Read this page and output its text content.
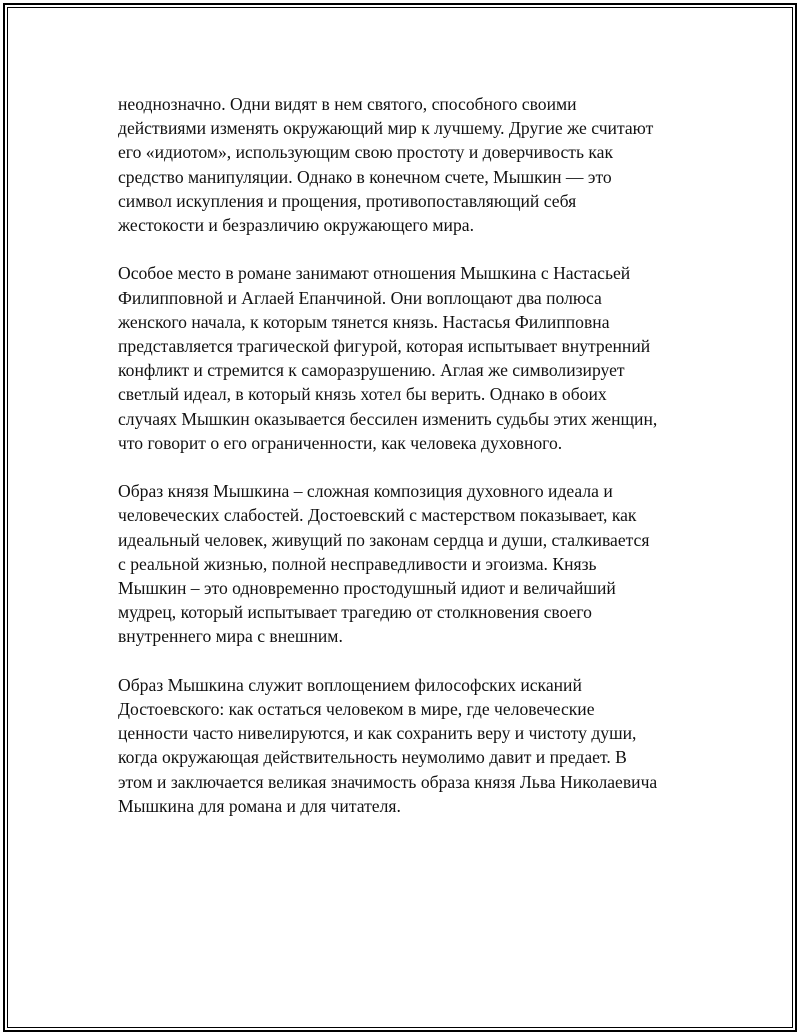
неоднозначно. Одни видят в нем святого, способного своими
действиями изменять окружающий мир к лучшему. Другие же считают
его «идиотом», использующим свою простоту и доверчивость как
средство манипуляции. Однако в конечном счете, Мышкин — это
символ искупления и прощения, противопоставляющий себя
жестокости и безразличию окружающего мира.

Особое место в романе занимают отношения Мышкина с Настасьей
Филипповной и Аглаей Епанчиной. Они воплощают два полюса
женского начала, к которым тянется князь. Настасья Филипповна
представляется трагической фигурой, которая испытывает внутренний
конфликт и стремится к саморазрушению. Аглая же символизирует
светлый идеал, в который князь хотел бы верить. Однако в обоих
случаях Мышкин оказывается бессилен изменить судьбы этих женщин,
что говорит о его ограниченности, как человека духовного.

Образ князя Мышкина – сложная композиция духовного идеала и
человеческих слабостей. Достоевский с мастерством показывает, как
идеальный человек, живущий по законам сердца и души, сталкивается
с реальной жизнью, полной несправедливости и эгоизма. Князь
Мышкин – это одновременно простодушный идиот и величайший
мудрец, который испытывает трагедию от столкновения своего
внутреннего мира с внешним.

Образ Мышкина служит воплощением философских исканий
Достоевского: как остаться человеком в мире, где человеческие
ценности часто нивелируются, и как сохранить веру и чистоту души,
когда окружающая действительность неумолимо давит и предает. В
этом и заключается великая значимость образа князя Льва Николаевича
Мышкина для романа и для читателя.
